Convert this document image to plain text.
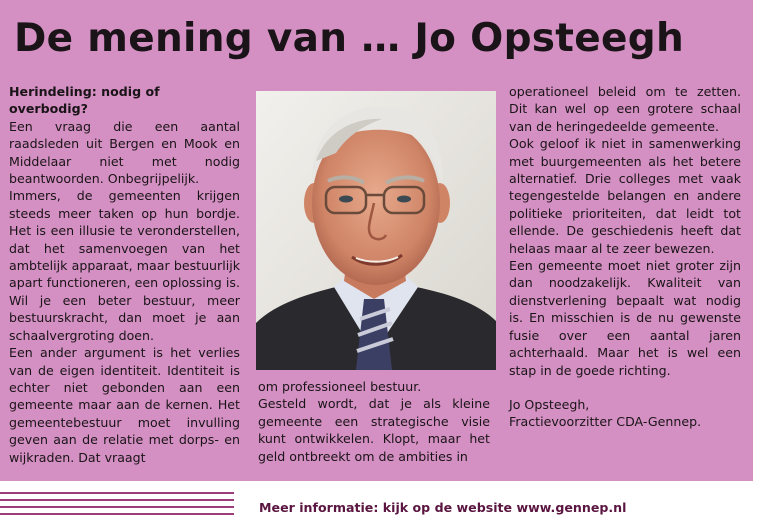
De mening van … Jo Opsteegh

Herindeling: nodig of overbodig?

Een vraag die een aantal raadsleden uit Bergen en Mook en Middelaar niet met nodig beantwoorden. Onbegrijpelijk.

Immers, de gemeenten krijgen steeds meer taken op hun bordje. Het is een illusie te veronderstellen, dat het samenvoegen van het ambtelijk apparaat, maar bestuurlijk apart functioneren, een oplossing is. Wil je een beter bestuur, meer bestuurskracht, dan moet je aan schaalvergroting doen.

Een ander argument is het verlies van de eigen identiteit. Identiteit is echter niet gebonden aan een gemeente maar aan de kernen. Het gemeentebestuur moet invulling geven aan de relatie met dorps- en wijkraden. Dat vraagt

om professioneel bestuur.

Gesteld wordt, dat je als kleine gemeente een strategische visie kunt ontwikkelen. Klopt, maar het geld ontbreekt om de ambities in

operationeel beleid om te zetten. Dit kan wel op een grotere schaal van de heringedeelde gemeente.

Ook geloof ik niet in samenwerking met buurgemeenten als het betere alternatief. Drie colleges met vaak tegengestelde belangen en andere politieke prioriteiten, dat leidt tot ellende. De geschiedenis heeft dat helaas maar al te zeer bewezen.

Een gemeente moet niet groter zijn dan noodzakelijk. Kwaliteit van dienstverlening bepaalt wat nodig is. En misschien is de nu gewenste fusie over een aantal jaren achterhaald. Maar het is wel een stap in de goede richting.

Jo Opsteegh,

Fractievoorzitter CDA-Gennep.

Meer informatie: kijk op de website www.gennep.nl
